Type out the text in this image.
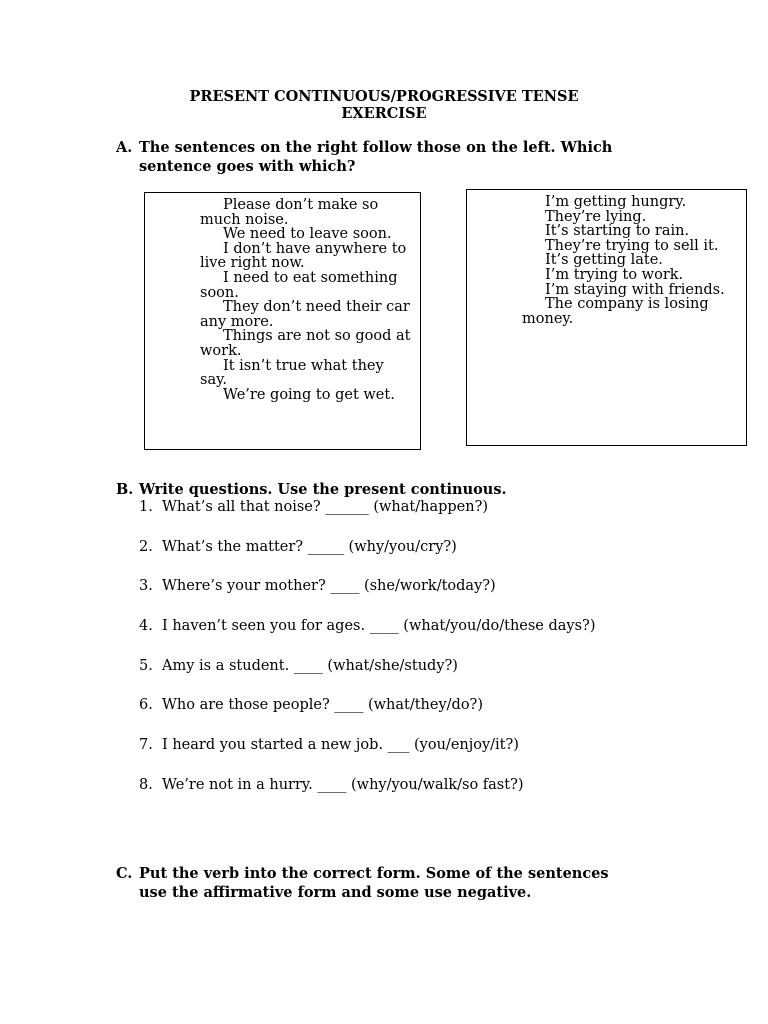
PRESENT CONTINUOUS/PROGRESSIVE TENSE
EXERCISE
A. The sentences on the right follow those on the left. Which
sentence goes with which?

Please don’t make so much noise.

We need to leave soon.

I don’t have anywhere to live right now.

I need to eat something soon.

They don’t need their car any more.

Things are not so good at work.

It isn’t true what they say.

We’re going to get wet.

I’m getting hungry.

They’re lying.

It’s starting to rain.

They’re trying to sell it.

It’s getting late.

I’m trying to work.

I’m staying with friends.

The company is losing money.

B. Write questions. Use the present continuous.
1. What’s all that noise? ______ (what/happen?)
2. What’s the matter? _____ (why/you/cry?)
3. Where’s your mother? ____ (she/work/today?)
4. I haven’t seen you for ages. ____ (what/you/do/these days?)
5. Amy is a student. ____ (what/she/study?)
6. Who are those people? ____ (what/they/do?)
7. I heard you started a new job. ___ (you/enjoy/it?)
8. We’re not in a hurry. ____ (why/you/walk/so fast?)
C. Put the verb into the correct form. Some of the sentences
use the affirmative form and some use negative.
